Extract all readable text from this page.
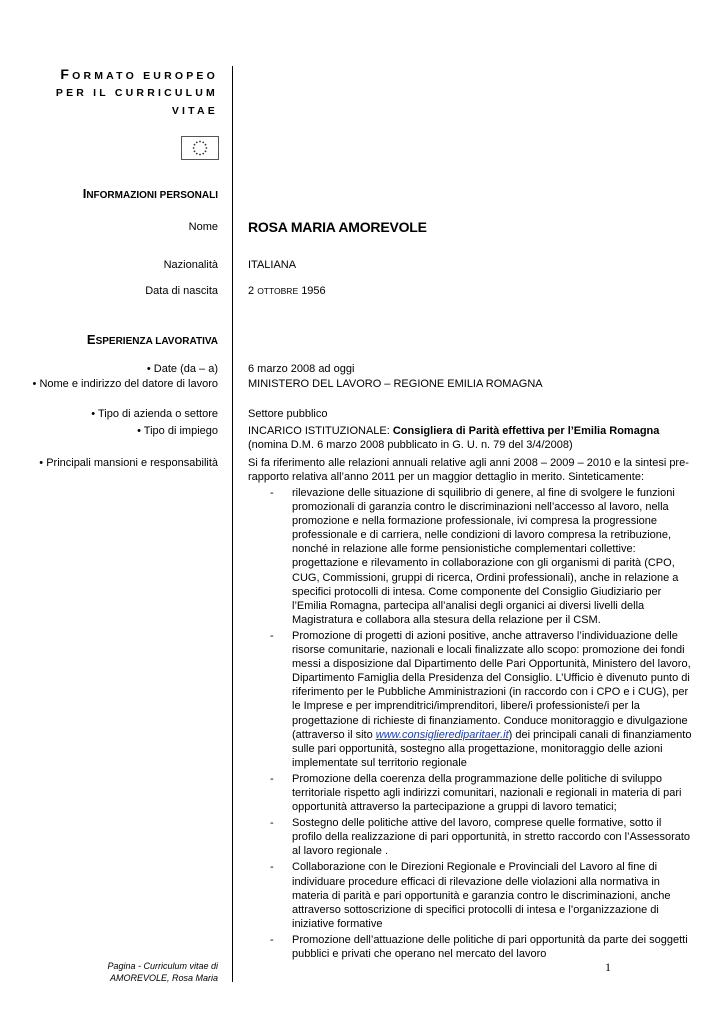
FORMATO EUROPEO
PER IL CURRICULUM
VITAE
INFORMAZIONI PERSONALI
Nome ROSA MARIA AMOREVOLE
Nazionalità	ITALIANA
Data di nascita	2 OTTOBRE 1956
ESPERIENZA LAVORATIVA
• Date (da – a)	6 marzo 2008 ad oggi
• Nome e indirizzo del datore di lavoro	MINISTERO DEL LAVORO – REGIONE EMILIA ROMAGNA
• Tipo di azienda o settore	Settore pubblico
• Tipo di impiego	INCARICO ISTITUZIONALE: Consigliera di Parità effettiva per l’Emilia Romagna (nomina D.M. 6 marzo 2008 pubblicato in G. U. n. 79 del 3/4/2008)
• Principali mansioni e responsabilità	Si fa riferimento alle relazioni annuali relative agli anni 2008 – 2009 – 2010 e la sintesi pre-rapporto relativa all’anno 2011 per un maggior dettaglio in merito. Sinteticamente:
- rilevazione delle situazione di squilibrio di genere, al fine di svolgere le funzioni promozionali di garanzia contro le discriminazioni nell’accesso al lavoro, nella promozione e nella formazione professionale, ivi compresa la progressione professionale e di carriera, nelle condizioni di lavoro compresa la retribuzione, nonché in relazione alle forme pensionistiche complementari collettive: progettazione e rilevamento in collaborazione con gli organismi di parità (CPO, CUG, Commissioni, gruppi di ricerca, Ordini professionali), anche in relazione a specifici protocolli di intesa. Come componente del Consiglio Giudiziario per l’Emilia Romagna, partecipa all’analisi degli organici ai diversi livelli della Magistratura e collabora alla stesura della relazione per il CSM.
- Promozione di progetti di azioni positive, anche attraverso l’individuazione delle risorse comunitarie, nazionali e locali finalizzate allo scopo: promozione dei fondi messi a disposizione dal Dipartimento delle Pari Opportunità, Ministero del lavoro, Dipartimento Famiglia della Presidenza del Consiglio. L’Ufficio è divenuto punto di riferimento per le Pubbliche Amministrazioni (in raccordo con i CPO e i CUG), per le Imprese e per imprenditrici/imprenditori, libere/i professioniste/i per la progettazione di richieste di finanziamento. Conduce monitoraggio e divulgazione (attraverso il sito www.consiglierediparitaer.it) dei principali canali di finanziamento sulle pari opportunità, sostegno alla progettazione, monitoraggio delle azioni implementate sul territorio regionale
- Promozione della coerenza della programmazione delle politiche di sviluppo territoriale rispetto agli indirizzi comunitari, nazionali e regionali in materia di pari opportunità attraverso la partecipazione a gruppi di lavoro tematici;
- Sostegno delle politiche attive del lavoro, comprese quelle formative, sotto il profilo della realizzazione di pari opportunità, in stretto raccordo con l’Assessorato al lavoro regionale .
- Collaborazione con le Direzioni Regionale e Provinciali del Lavoro al fine di individuare procedure efficaci di rilevazione delle violazioni alla normativa in materia di parità e pari opportunità e garanzia contro le discriminazioni, anche attraverso sottoscrizione di specifici protocolli di intesa e l’organizzazione di iniziative formative
- Promozione dell’attuazione delle politiche di pari opportunità da parte dei soggetti pubblici e privati che operano nel mercato del lavoro
Pagina - Curriculum vitae di
AMOREVOLE, Rosa Maria
1
